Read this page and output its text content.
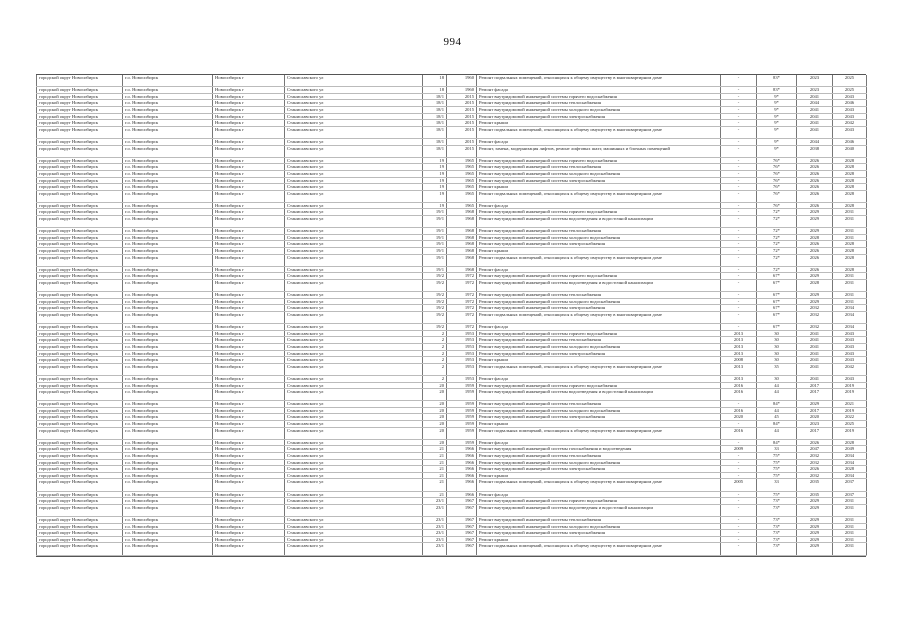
994
городской округ Новосибирск	г.о. Новосибирск	Новосибирск г	Станиславского ул	18	1960	Ремонт подвальных помещений, относящихся к общему имуществу в многоквартирном доме	-	83*	2023	2025
городской округ Новосибирск	г.о. Новосибирск	Новосибирск г	Станиславского ул	18	1960	Ремонт фасада	-	83*	2023	2025
городской округ Новосибирск	г.о. Новосибирск	Новосибирск г	Станиславского ул	18/1	2015	Ремонт внутридомовой инженерной системы горячего водоснабжения	-	9*	2041	2043
городской округ Новосибирск	г.о. Новосибирск	Новосибирск г	Станиславского ул	18/1	2015	Ремонт внутридомовой инженерной системы теплоснабжения	-	9*	2044	2046
городской округ Новосибирск	г.о. Новосибирск	Новосибирск г	Станиславского ул	18/1	2015	Ремонт внутридомовой инженерной системы холодного водоснабжения	-	9*	2041	2043
городской округ Новосибирск	г.о. Новосибирск	Новосибирск г	Станиславского ул	18/1	2015	Ремонт внутридомовой инженерной системы электроснабжения	-	9*	2041	2043
городской округ Новосибирск	г.о. Новосибирск	Новосибирск г	Станиславского ул	18/1	2015	Ремонт крыши	-	9*	2041	2042
городской округ Новосибирск	г.о. Новосибирск	Новосибирск г	Станиславского ул	18/1	2015	Ремонт подвальных помещений, относящихся к общему имуществу в многоквартирном доме	-	9*	2041	2043
городской округ Новосибирск	г.о. Новосибирск	Новосибирск г	Станиславского ул	18/1	2015	Ремонт фасада	-	9*	2044	2046
городской округ Новосибирск	г.о. Новосибирск	Новосибирск г	Станиславского ул	18/1	2015	Ремонт, замена, модернизация лифтов, ремонт лифтовых шахт, машинных и блочных помещений	-	9*	2038	2040
городской округ Новосибирск	г.о. Новосибирск	Новосибирск г	Станиславского ул	19	1965	Ремонт внутридомовой инженерной системы горячего водоснабжения	-	76*	2026	2028
городской округ Новосибирск	г.о. Новосибирск	Новосибирск г	Станиславского ул	19	1965	Ремонт внутридомовой инженерной системы теплоснабжения	-	76*	2026	2028
городской округ Новосибирск	г.о. Новосибирск	Новосибирск г	Станиславского ул	19	1965	Ремонт внутридомовой инженерной системы холодного водоснабжения	-	76*	2026	2028
городской округ Новосибирск	г.о. Новосибирск	Новосибирск г	Станиславского ул	19	1965	Ремонт внутридомовой инженерной системы электроснабжения	-	76*	2026	2028
городской округ Новосибирск	г.о. Новосибирск	Новосибирск г	Станиславского ул	19	1965	Ремонт крыши	-	76*	2026	2028
городской округ Новосибирск	г.о. Новосибирск	Новосибирск г	Станиславского ул	19	1965	Ремонт подвальных помещений, относящихся к общему имуществу в многоквартирном доме	-	76*	2026	2028
городской округ Новосибирск	г.о. Новосибирск	Новосибирск г	Станиславского ул	19	1965	Ремонт фасада	-	76*	2026	2028
городской округ Новосибирск	г.о. Новосибирск	Новосибирск г	Станиславского ул	19/1	1968	Ремонт внутридомовой инженерной системы горячего водоснабжения	-	72*	2029	2031
городской округ Новосибирск	г.о. Новосибирск	Новосибирск г	Станиславского ул	19/1	1968	Ремонт внутридомовой инженерной системы водоотведения и водосточной канализации	-	72*	2029	2031
городской округ Новосибирск	г.о. Новосибирск	Новосибирск г	Станиславского ул	19/1	1968	Ремонт внутридомовой инженерной системы теплоснабжения	-	72*	2029	2031
городской округ Новосибирск	г.о. Новосибирск	Новосибирск г	Станиславского ул	19/1	1968	Ремонт внутридомовой инженерной системы холодного водоснабжения	-	72*	2028	2031
городской округ Новосибирск	г.о. Новосибирск	Новосибирск г	Станиславского ул	19/1	1968	Ремонт внутридомовой инженерной системы электроснабжения	-	72*	2026	2028
городской округ Новосибирск	г.о. Новосибирск	Новосибирск г	Станиславского ул	19/1	1968	Ремонт крыши	-	72*	2026	2028
городской округ Новосибирск	г.о. Новосибирск	Новосибирск г	Станиславского ул	19/1	1968	Ремонт подвальных помещений, относящихся к общему имуществу в многоквартирном доме	-	72*	2026	2028
городской округ Новосибирск	г.о. Новосибирск	Новосибирск г	Станиславского ул	19/1	1968	Ремонт фасада	-	72*	2026	2028
городской округ Новосибирск	г.о. Новосибирск	Новосибирск г	Станиславского ул	19/2	1972	Ремонт внутридомовой инженерной системы горячего водоснабжения	-	67*	2029	2031
городской округ Новосибирск	г.о. Новосибирск	Новосибирск г	Станиславского ул	19/2	1972	Ремонт внутридомовой инженерной системы водоотведения и водосточной канализации	-	67*	2028	2031
городской округ Новосибирск	г.о. Новосибирск	Новосибирск г	Станиславского ул	19/2	1972	Ремонт внутридомовой инженерной системы теплоснабжения	-	67*	2029	2031
городской округ Новосибирск	г.о. Новосибирск	Новосибирск г	Станиславского ул	19/2	1972	Ремонт внутридомовой инженерной системы холодного водоснабжения	-	67*	2029	2031
городской округ Новосибирск	г.о. Новосибирск	Новосибирск г	Станиславского ул	19/2	1972	Ремонт внутридомовой инженерной системы электроснабжения	-	67*	2032	2034
городской округ Новосибирск	г.о. Новосибирск	Новосибирск г	Станиславского ул	19/2	1972	Ремонт подвальных помещений, относящихся к общему имуществу в многоквартирном доме	-	67*	2032	2034
городской округ Новосибирск	г.о. Новосибирск	Новосибирск г	Станиславского ул	19/2	1972	Ремонт фасада	-	67*	2032	2034
городской округ Новосибирск	г.о. Новосибирск	Новосибирск г	Станиславского ул	2	1953	Ремонт внутридомовой инженерной системы горячего водоснабжения	2013	30	2041	2043
городской округ Новосибирск	г.о. Новосибирск	Новосибирск г	Станиславского ул	2	1953	Ремонт внутридомовой инженерной системы теплоснабжения	2013	30	2041	2043
городской округ Новосибирск	г.о. Новосибирск	Новосибирск г	Станиславского ул	2	1953	Ремонт внутридомовой инженерной системы холодного водоснабжения	2013	30	2041	2043
городской округ Новосибирск	г.о. Новосибирск	Новосибирск г	Станиславского ул	2	1953	Ремонт внутридомовой инженерной системы электроснабжения	2013	30	2041	2043
городской округ Новосибирск	г.о. Новосибирск	Новосибирск г	Станиславского ул	2	1953	Ремонт крыши	2008	30	2041	2043
городской округ Новосибирск	г.о. Новосибирск	Новосибирск г	Станиславского ул	2	1953	Ремонт подвальных помещений, относящихся к общему имуществу в многоквартирном доме	2013	35	2041	2042
городской округ Новосибирск	г.о. Новосибирск	Новосибирск г	Станиславского ул	2	1953	Ремонт фасада	2013	30	2041	2043
городской округ Новосибирск	г.о. Новосибирск	Новосибирск г	Станиславского ул	20	1959	Ремонт внутридомовой инженерной системы горячего водоснабжения	2016	44	2017	2019
городской округ Новосибирск	г.о. Новосибирск	Новосибирск г	Станиславского ул	20	1959	Ремонт внутридомовой инженерной системы водоотведения и водосточной канализации	2016	44	2017	2019
городской округ Новосибирск	г.о. Новосибирск	Новосибирск г	Станиславского ул	20	1959	Ремонт внутридомовой инженерной системы теплоснабжения	-	84*	2029	2021
городской округ Новосибирск	г.о. Новосибирск	Новосибирск г	Станиславского ул	20	1959	Ремонт внутридомовой инженерной системы холодного водоснабжения	2016	44	2017	2019
городской округ Новосибирск	г.о. Новосибирск	Новосибирск г	Станиславского ул	20	1959	Ремонт внутридомовой инженерной системы электроснабжения	2020	45	2020	2022
городской округ Новосибирск	г.о. Новосибирск	Новосибирск г	Станиславского ул	20	1959	Ремонт крыши	-	84*	2023	2025
городской округ Новосибирск	г.о. Новосибирск	Новосибирск г	Станиславского ул	20	1959	Ремонт подвальных помещений, относящихся к общему имуществу в многоквартирном доме	2016	44	2017	2019
городской округ Новосибирск	г.о. Новосибирск	Новосибирск г	Станиславского ул	20	1959	Ремонт фасада	-	84*	2026	2028
городской округ Новосибирск	г.о. Новосибирск	Новосибирск г	Станиславского ул	21	1966	Ремонт внутридомовой инженерной системы газоснабжения и водоотведения	2009	33	2047	2049
городской округ Новосибирск	г.о. Новосибирск	Новосибирск г	Станиславского ул	21	1966	Ремонт внутридомовой инженерной системы теплоснабжения	-	75*	2032	2034
городской округ Новосибирск	г.о. Новосибирск	Новосибирск г	Станиславского ул	21	1966	Ремонт внутридомовой инженерной системы холодного водоснабжения	-	75*	2032	2034
городской округ Новосибирск	г.о. Новосибирск	Новосибирск г	Станиславского ул	21	1966	Ремонт внутридомовой инженерной системы электроснабжения	-	75*	2026	2028
городской округ Новосибирск	г.о. Новосибирск	Новосибирск г	Станиславского ул	21	1966	Ремонт крыши	-	75*	2032	2034
городской округ Новосибирск	г.о. Новосибирск	Новосибирск г	Станиславского ул	21	1966	Ремонт подвальных помещений, относящихся к общему имуществу в многоквартирном доме	2005	33	2035	2037
городской округ Новосибирск	г.о. Новосибирск	Новосибирск г	Станиславского ул	21	1966	Ремонт фасада	-	75*	2035	2037
городской округ Новосибирск	г.о. Новосибирск	Новосибирск г	Станиславского ул	23/1	1967	Ремонт внутридомовой инженерной системы горячего водоснабжения	-	73*	2029	2031
городской округ Новосибирск	г.о. Новосибирск	Новосибирск г	Станиславского ул	23/1	1967	Ремонт внутридомовой инженерной системы водоотведения и водосточной канализации	-	73*	2029	2031
городской округ Новосибирск	г.о. Новосибирск	Новосибирск г	Станиславского ул	23/1	1967	Ремонт внутридомовой инженерной системы теплоснабжения	-	73*	2029	2031
городской округ Новосибирск	г.о. Новосибирск	Новосибирск г	Станиславского ул	23/1	1967	Ремонт внутридомовой инженерной системы холодного водоснабжения	-	73*	2029	2031
городской округ Новосибирск	г.о. Новосибирск	Новосибирск г	Станиславского ул	23/1	1967	Ремонт внутридомовой инженерной системы электроснабжения	-	73*	2029	2031
городской округ Новосибирск	г.о. Новосибирск	Новосибирск г	Станиславского ул	23/1	1967	Ремонт крыши	-	73*	2029	2031
городской округ Новосибирск	г.о. Новосибирск	Новосибирск г	Станиславского ул	23/1	1967	Ремонт подвальных помещений, относящихся к общему имуществу в многоквартирном доме	-	73*	2029	2031
